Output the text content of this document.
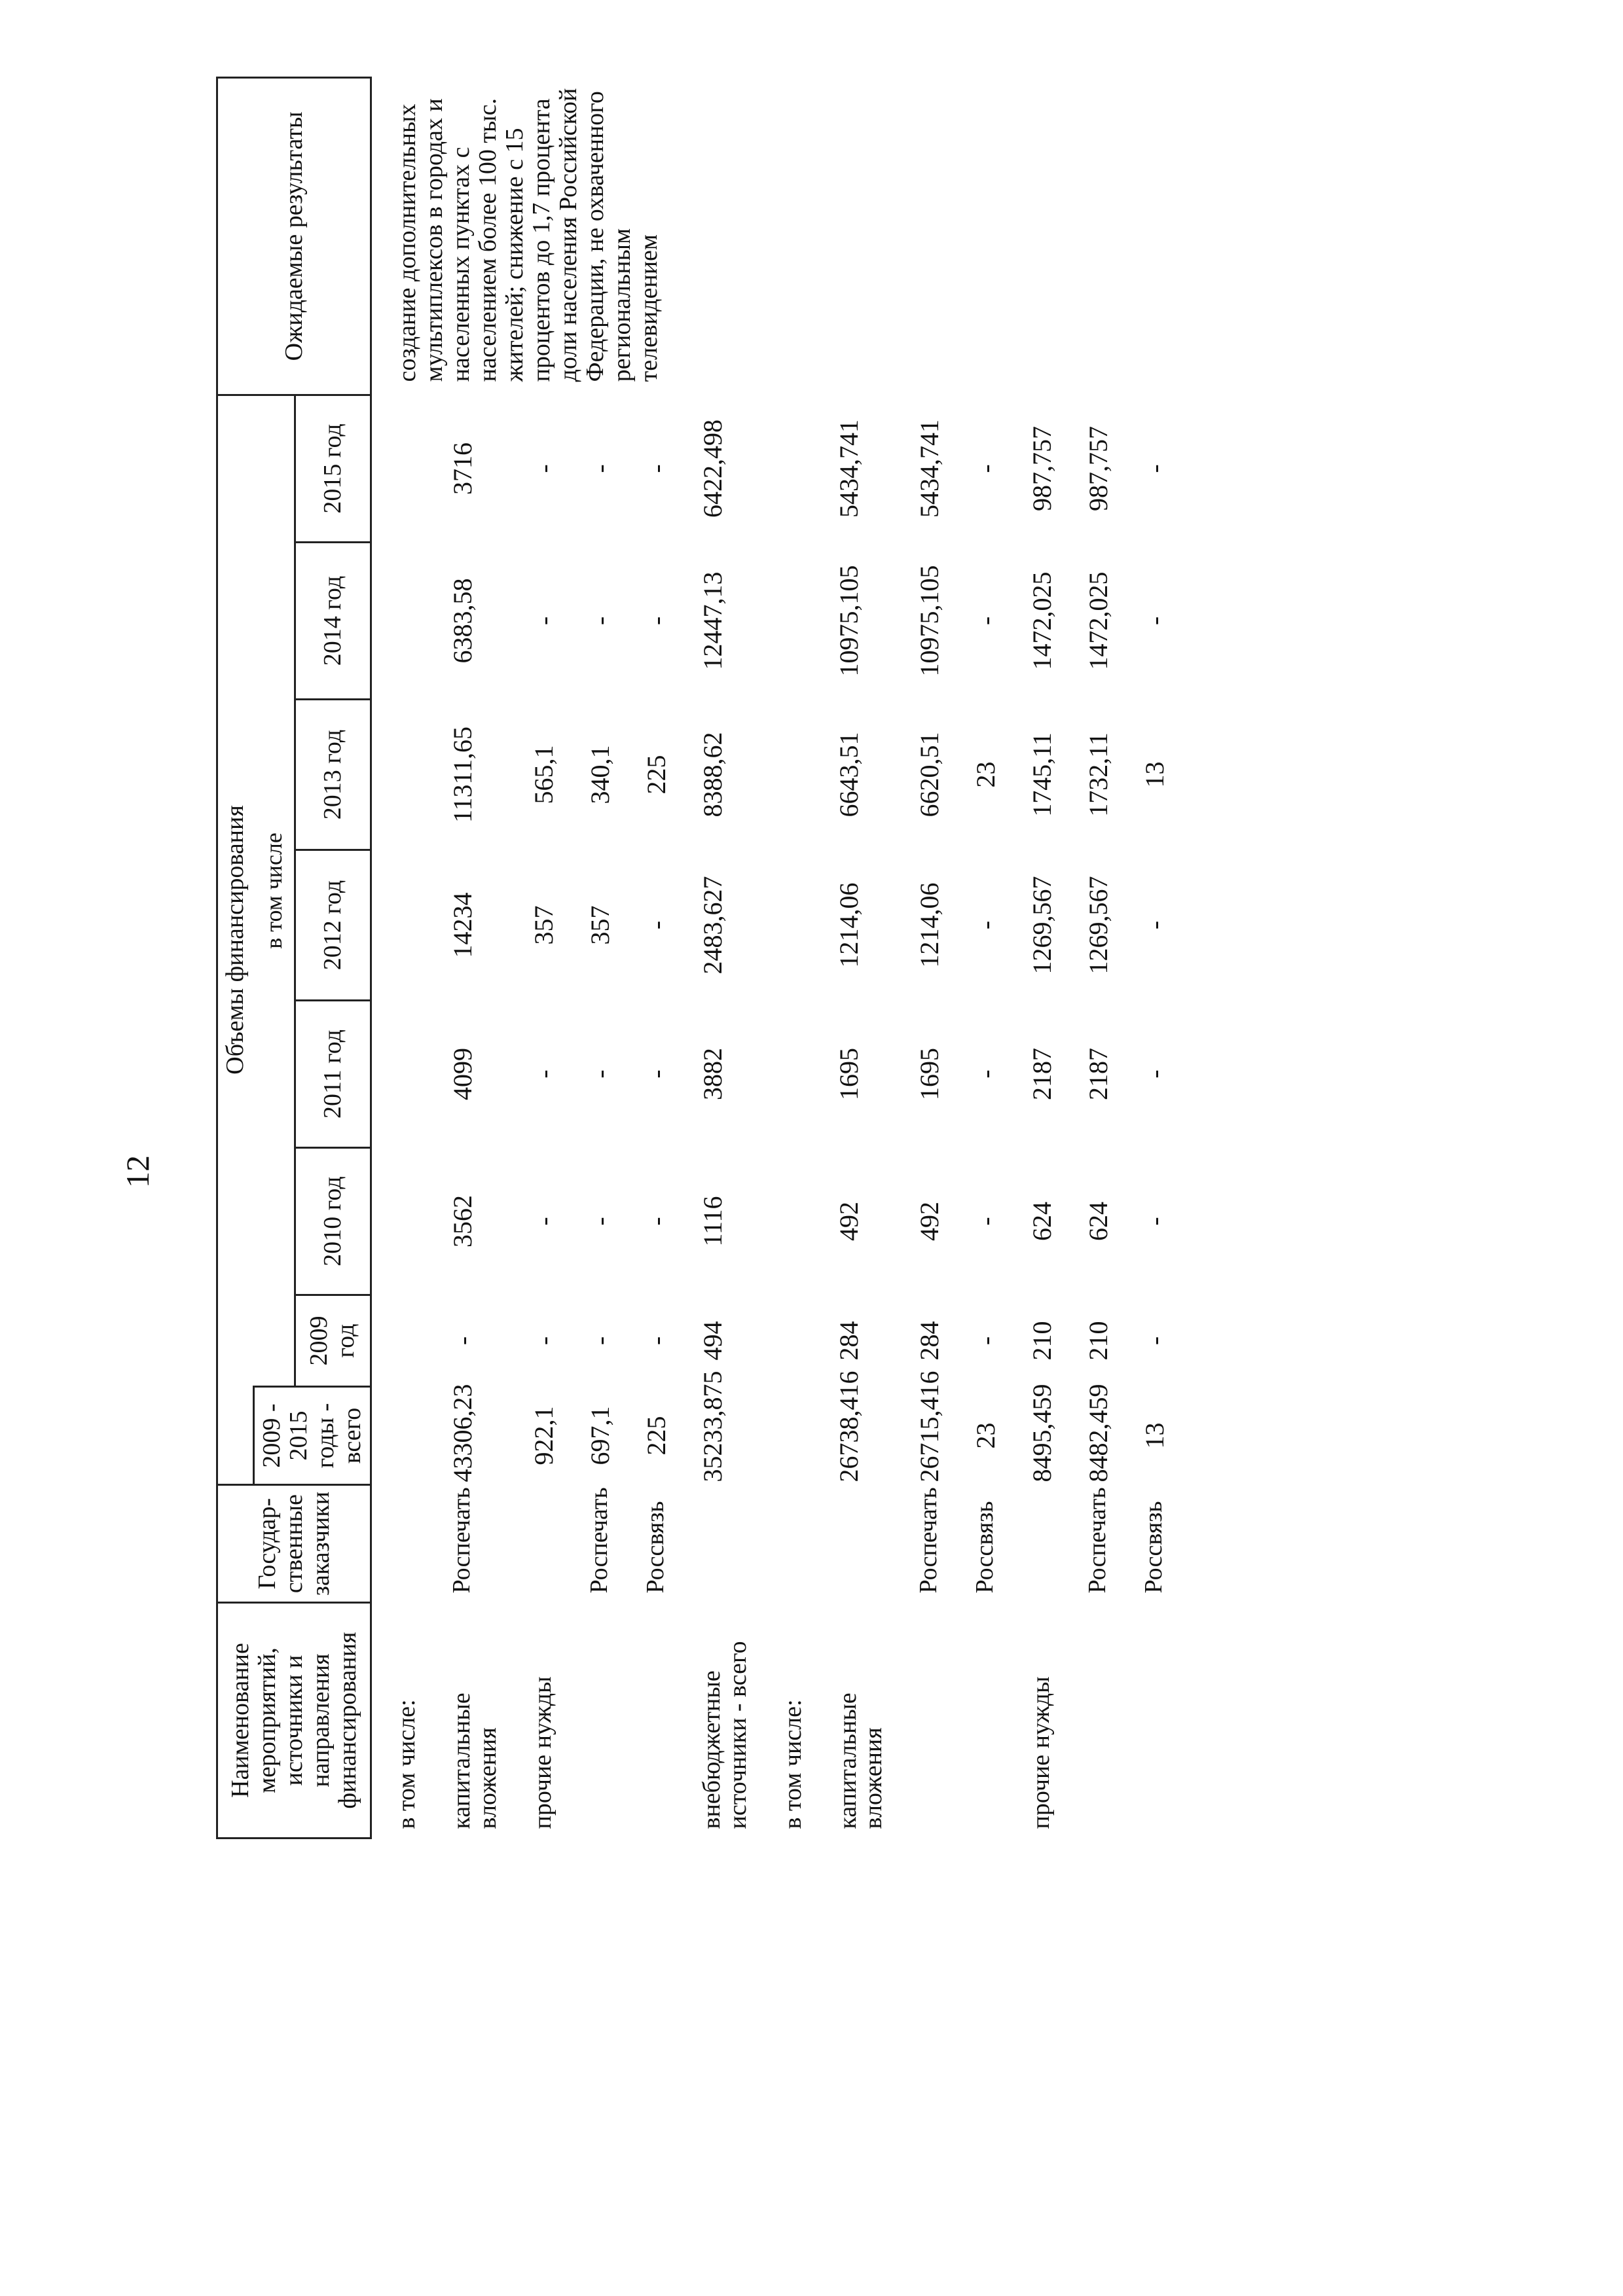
12
Наименование мероприятий, источники и направления финансирования	Государ-ственные заказчики	Объемы финансирования								Ожидаемые результаты
		2009 - 2015 годы - всего	в том числе							
			2009 год	2010 год	2011 год	2012 год	2013 год	2014 год	2015 год	
в том числе:										создание дополнительных мультиплексов в городах и населенных пунктах с населением более 100 тыс. жителей; снижение с 15 процентов до 1,7 процента доли населения Российской Федерации, не охваченного региональным телевидением
капитальные вложения	Роспечать	43306,23	-	3562	4099	14234	11311,65	6383,58	3716	
прочие нужды		922,1	-	-	-	357	565,1	-	-	
	Роспечать	697,1	-	-	-	357	340,1	-	-	
	Россвязь	225	-	-	-	-	225	-	-	
внебюджетные источники - всего		35233,875	494	1116	3882	2483,627	8388,62	12447,13	6422,498	
в том числе:										
капитальные вложения		26738,416	284	492	1695	1214,06	6643,51	10975,105	5434,741	
	Роспечать	26715,416	284	492	1695	1214,06	6620,51	10975,105	5434,741	
	Россвязь	23	-	-	-	-	23	-	-	
прочие нужды		8495,459	210	624	2187	1269,567	1745,11	1472,025	987,757	
	Роспечать	8482,459	210	624	2187	1269,567	1732,11	1472,025	987,757	
	Россвязь	13	-	-	-	-	13	-	-	
